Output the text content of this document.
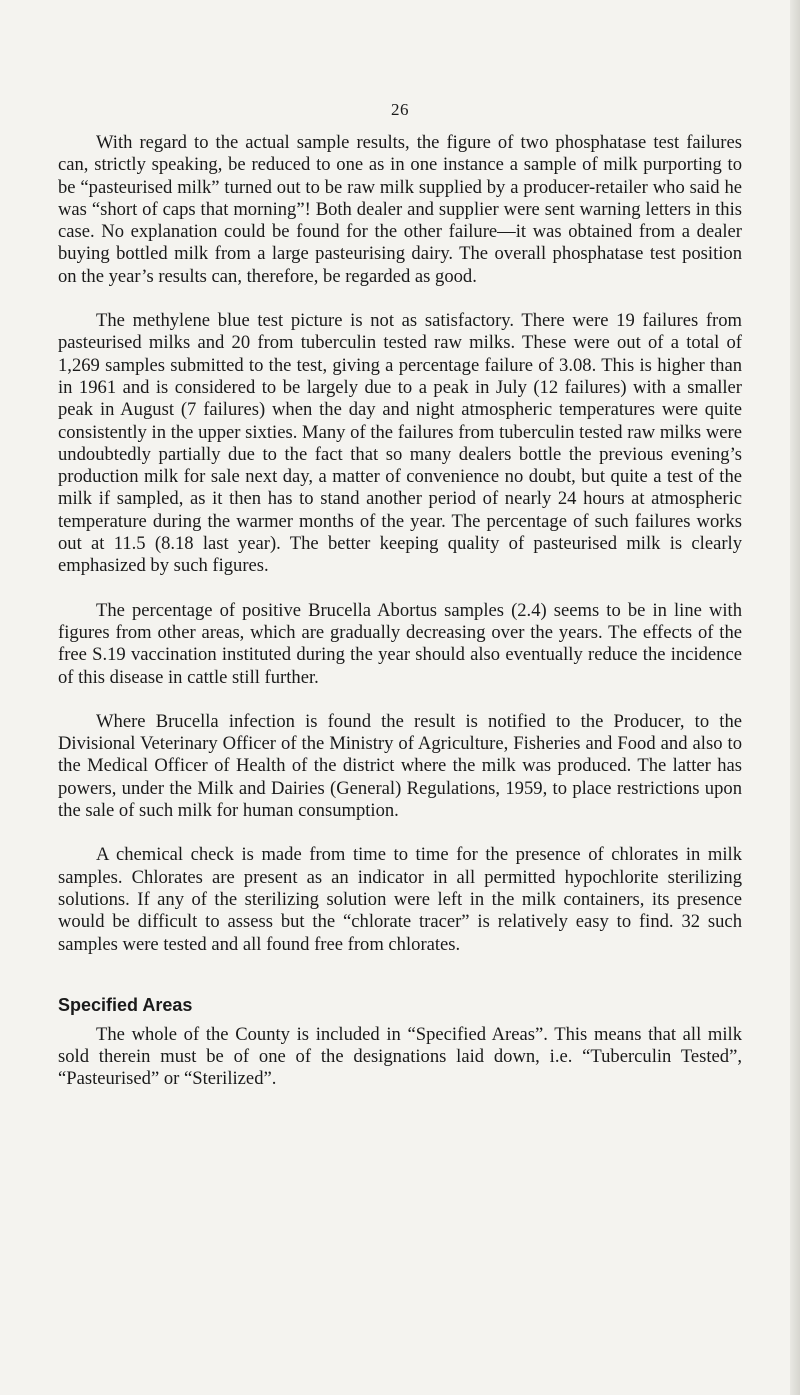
26

With regard to the actual sample results, the figure of two phosphatase test failures can, strictly speaking, be reduced to one as in one instance a sample of milk purporting to be “pasteurised milk” turned out to be raw milk supplied by a producer-retailer who said he was “short of caps that morning”! Both dealer and supplier were sent warning letters in this case. No explanation could be found for the other failure—it was obtained from a dealer buying bottled milk from a large pasteurising dairy. The overall phosphatase test position on the year’s results can, therefore, be regarded as good.

The methylene blue test picture is not as satisfactory. There were 19 failures from pasteurised milks and 20 from tuberculin tested raw milks. These were out of a total of 1,269 samples submitted to the test, giving a percentage failure of 3.08. This is higher than in 1961 and is considered to be largely due to a peak in July (12 failures) with a smaller peak in August (7 failures) when the day and night atmospheric temperatures were quite consistently in the upper sixties. Many of the failures from tuberculin tested raw milks were undoubtedly partially due to the fact that so many dealers bottle the previous evening’s production milk for sale next day, a matter of convenience no doubt, but quite a test of the milk if sampled, as it then has to stand another period of nearly 24 hours at atmospheric temperature during the warmer months of the year. The percentage of such failures works out at 11.5 (8.18 last year). The better keeping quality of pasteurised milk is clearly emphasized by such figures.

The percentage of positive Brucella Abortus samples (2.4) seems to be in line with figures from other areas, which are gradually decreasing over the years. The effects of the free S.19 vaccination instituted during the year should also eventually reduce the incidence of this disease in cattle still further.

Where Brucella infection is found the result is notified to the Producer, to the Divisional Veterinary Officer of the Ministry of Agriculture, Fisheries and Food and also to the Medical Officer of Health of the district where the milk was produced. The latter has powers, under the Milk and Dairies (General) Regulations, 1959, to place restrictions upon the sale of such milk for human consumption.

A chemical check is made from time to time for the presence of chlorates in milk samples. Chlorates are present as an indicator in all permitted hypochlorite sterilizing solutions. If any of the sterilizing solution were left in the milk containers, its presence would be difficult to assess but the “chlorate tracer” is relatively easy to find. 32 such samples were tested and all found free from chlorates.

Specified Areas

The whole of the County is included in “Specified Areas”. This means that all milk sold therein must be of one of the designations laid down, i.e. “Tuberculin Tested”, “Pasteurised” or “Sterilized”.
